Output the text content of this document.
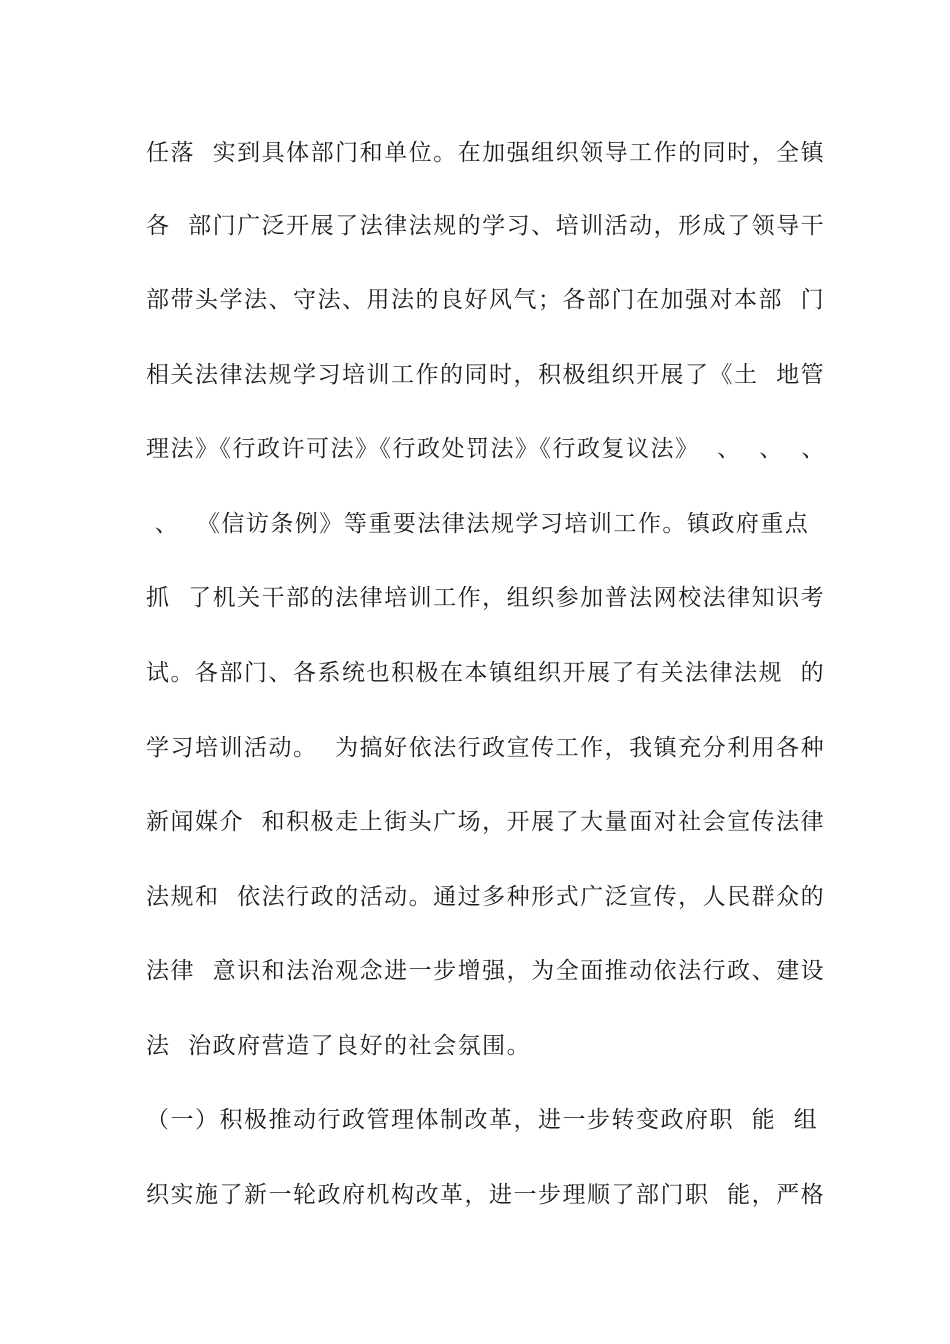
任落  实到具体部门和单位。在加强组织领导工作的同时，全镇
各  部门广泛开展了法律法规的学习、培训活动，形成了领导干
部带头学法、守法、用法的良好风气；各部门在加强对本部  门
相关法律法规学习培训工作的同时，积极组织开展了《土  地管
理法》《行政许可法》《行政处罚法》《行政复议法》  、  、  、
、  《信访条例》等重要法律法规学习培训工作。镇政府重点
抓  了机关干部的法律培训工作，组织参加普法网校法律知识考
试。各部门、各系统也积极在本镇组织开展了有关法律法规  的
学习培训活动。  为搞好依法行政宣传工作，我镇充分利用各种
新闻媒介  和积极走上街头广场，开展了大量面对社会宣传法律
法规和  依法行政的活动。通过多种形式广泛宣传，人民群众的
法律  意识和法治观念进一步增强，为全面推动依法行政、建设
法  治政府营造了良好的社会氛围。
（一）积极推动行政管理体制改革，进一步转变政府职  能  组
织实施了新一轮政府机构改革，进一步理顺了部门职  能，严格
